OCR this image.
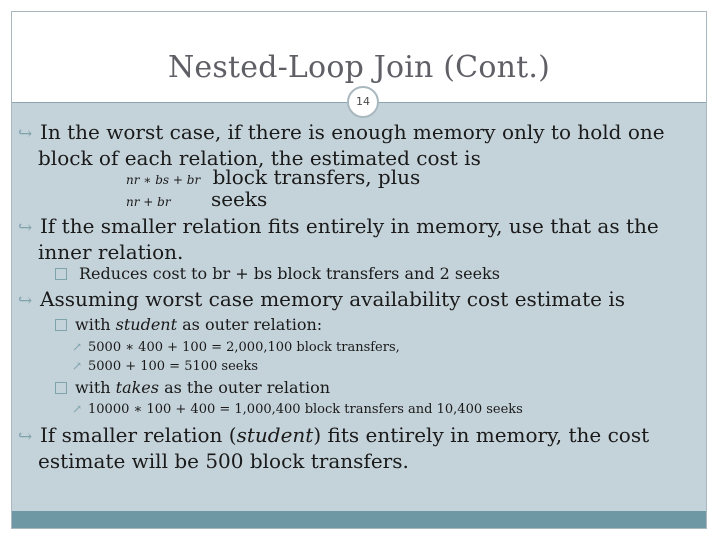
Nested-Loop Join (Cont.)
14
↪ In the worst case, if there is enough memory only to hold one
block of each relation, the estimated cost is
nr ∗ bs + br block transfers, plus
nr + br seeks
↪ If the smaller relation fits entirely in memory, use that as the
inner relation.
Reduces cost to br + bs block transfers and 2 seeks
↪ Assuming worst case memory availability cost estimate is
with student as outer relation:
↗ 5000 ∗ 400 + 100 = 2,000,100 block transfers,
↗ 5000 + 100 = 5100 seeks
with takes as the outer relation
↗ 10000 ∗ 100 + 400 = 1,000,400 block transfers and 10,400 seeks
↪ If smaller relation (student) fits entirely in memory, the cost
estimate will be 500 block transfers.
